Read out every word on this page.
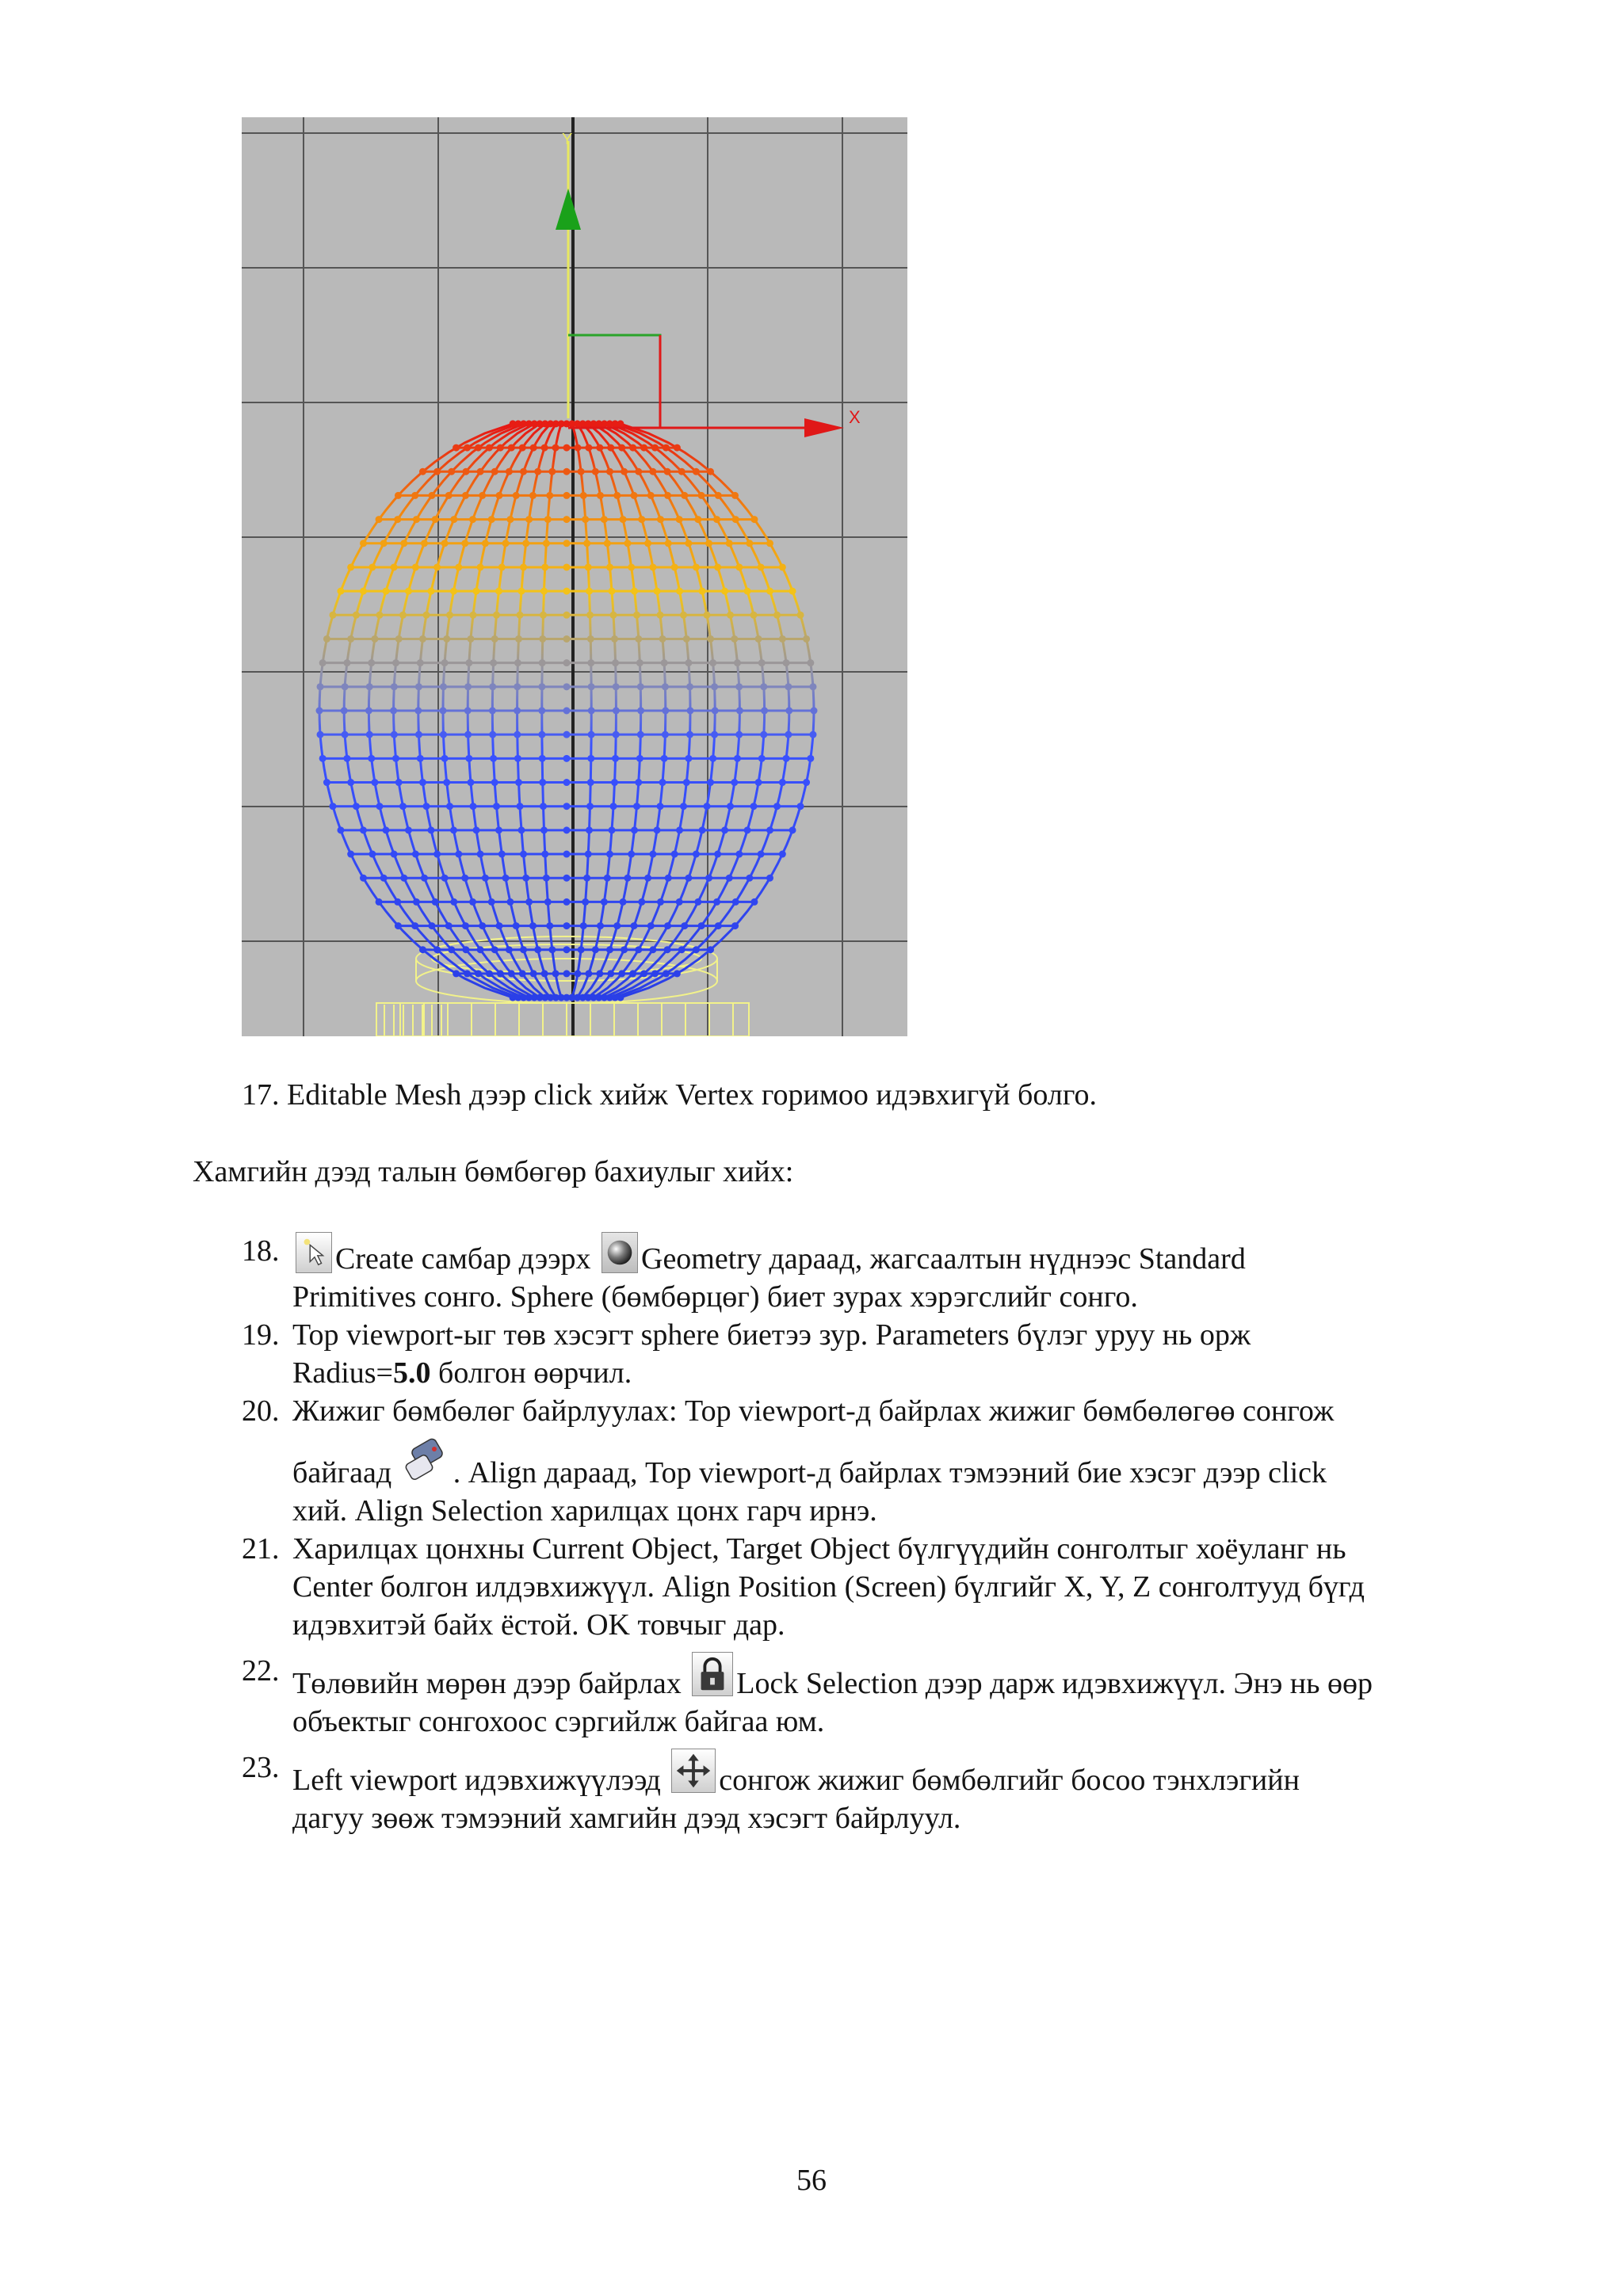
X
Y
17. Editable Mesh дээр click хийж Vertex горимоо идэвхигүй болго.
Хамгийн дээд талын бөмбөгөр бахиулыг хийх:
18.	Create самбар дээрх Geometry дараад, жагсаалтын нүднээс Standard
Primitives сонго. Sphere (бөмбөрцөг) биет зурах хэрэгслийг сонго.
19. Top viewport-ыг төв хэсэгт sphere биетээ зур. Parameters бүлэг уруу нь орж
Radius=5.0 болгон өөрчил.
20. Жижиг бөмбөлөг байрлуулах: Top viewport-д байрлах жижиг бөмбөлөгөө сонгож
байгаад . Align дараад, Top viewport-д байрлах тэмээний бие хэсэг дээр click
хий. Align Selection харилцах цонх гарч ирнэ.
21. Харилцах цонхны Current Object, Target Object бүлгүүдийн сонголтыг хоёуланг нь
Center болгон илдэвхижүүл. Align Position (Screen) бүлгийг X, Y, Z сонголтууд бүгд
идэвхитэй байх ёстой. OK товчыг дар.
22. Төлөвийн мөрөн дээр байрлах Lock Selection дээр дарж идэвхижүүл. Энэ нь өөр
объектыг сонгохоос сэргийлж байгаа юм.
23. Left viewport идэвхижүүлээд сонгож жижиг бөмбөлгийг босоо тэнхлэгийн
дагуу зөөж тэмээний хамгийн дээд хэсэгт байрлуул.
56
